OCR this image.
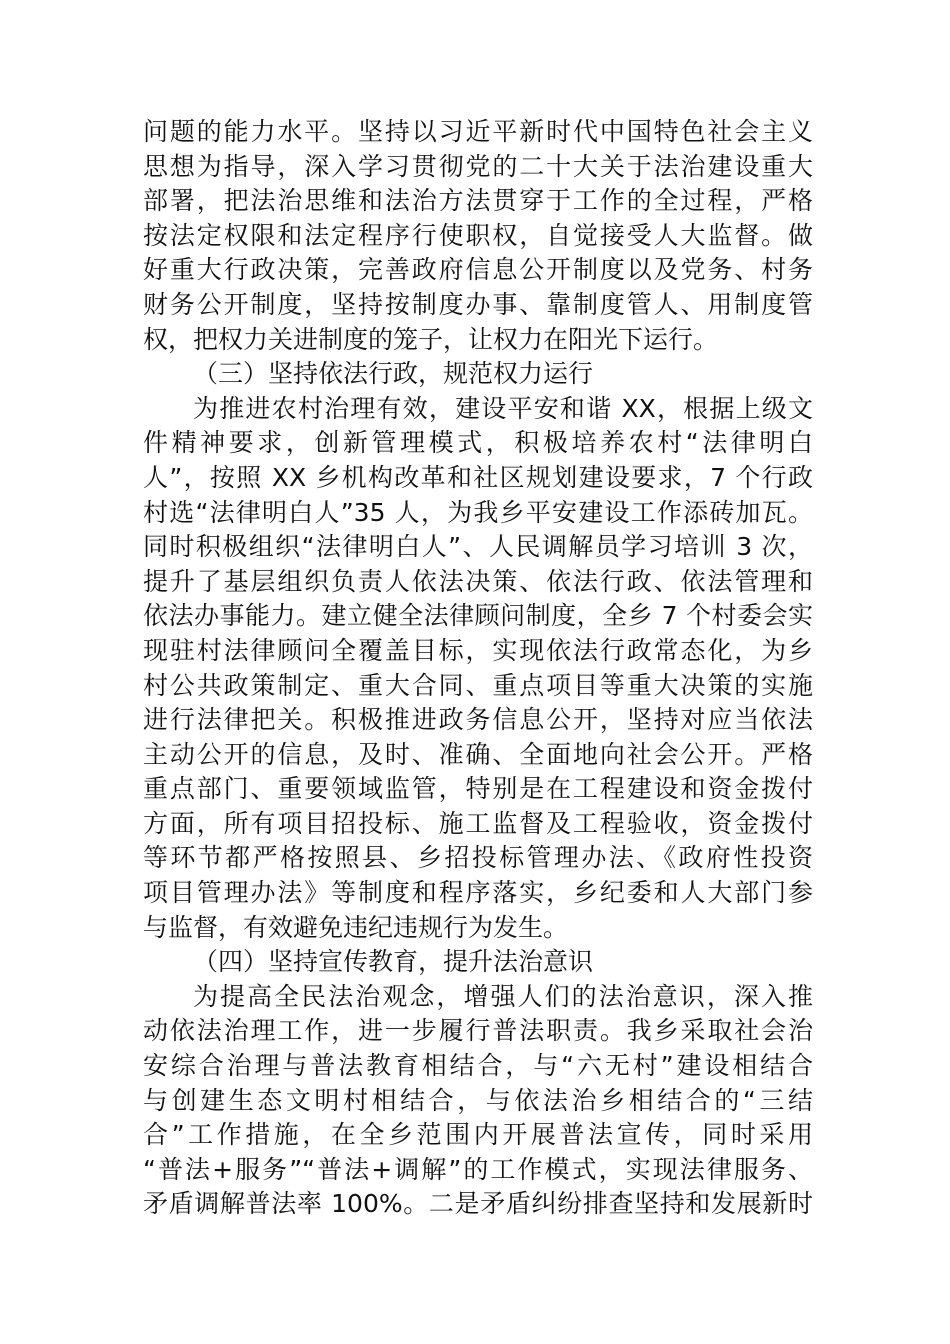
问题的能力水平。坚持以习近平新时代中国特色社会主义
思想为指导，深入学习贯彻党的二十大关于法治建设重大
部署，把法治思维和法治方法贯穿于工作的全过程，严格
按法定权限和法定程序行使职权，自觉接受人大监督。做
好重大行政决策，完善政府信息公开制度以及党务、村务
财务公开制度，坚持按制度办事、靠制度管人、用制度管
权，把权力关进制度的笼子，让权力在阳光下运行。
（三）坚持依法行政，规范权力运行
为推进农村治理有效，建设平安和谐 XX，根据上级文
件精神要求，创新管理模式，积极培养农村“法律明白
人”，按照 XX 乡机构改革和社区规划建设要求，7 个行政
村选“法律明白人”35 人，为我乡平安建设工作添砖加瓦。
同时积极组织“法律明白人”、人民调解员学习培训 3 次，
提升了基层组织负责人依法决策、依法行政、依法管理和
依法办事能力。建立健全法律顾问制度，全乡 7 个村委会实
现驻村法律顾问全覆盖目标，实现依法行政常态化，为乡
村公共政策制定、重大合同、重点项目等重大决策的实施
进行法律把关。积极推进政务信息公开，坚持对应当依法
主动公开的信息，及时、准确、全面地向社会公开。严格
重点部门、重要领域监管，特别是在工程建设和资金拨付
方面，所有项目招投标、施工监督及工程验收，资金拨付
等环节都严格按照县、乡招投标管理办法、《政府性投资
项目管理办法》等制度和程序落实，乡纪委和人大部门参
与监督，有效避免违纪违规行为发生。
（四）坚持宣传教育，提升法治意识
为提高全民法治观念，增强人们的法治意识，深入推
动依法治理工作，进一步履行普法职责。我乡采取社会治
安综合治理与普法教育相结合，与“六无村”建设相结合
与创建生态文明村相结合，与依法治乡相结合的“三结
合”工作措施，在全乡范围内开展普法宣传，同时采用
“普法+服务”“普法+调解”的工作模式，实现法律服务、
矛盾调解普法率 100%。二是矛盾纠纷排查坚持和发展新时
